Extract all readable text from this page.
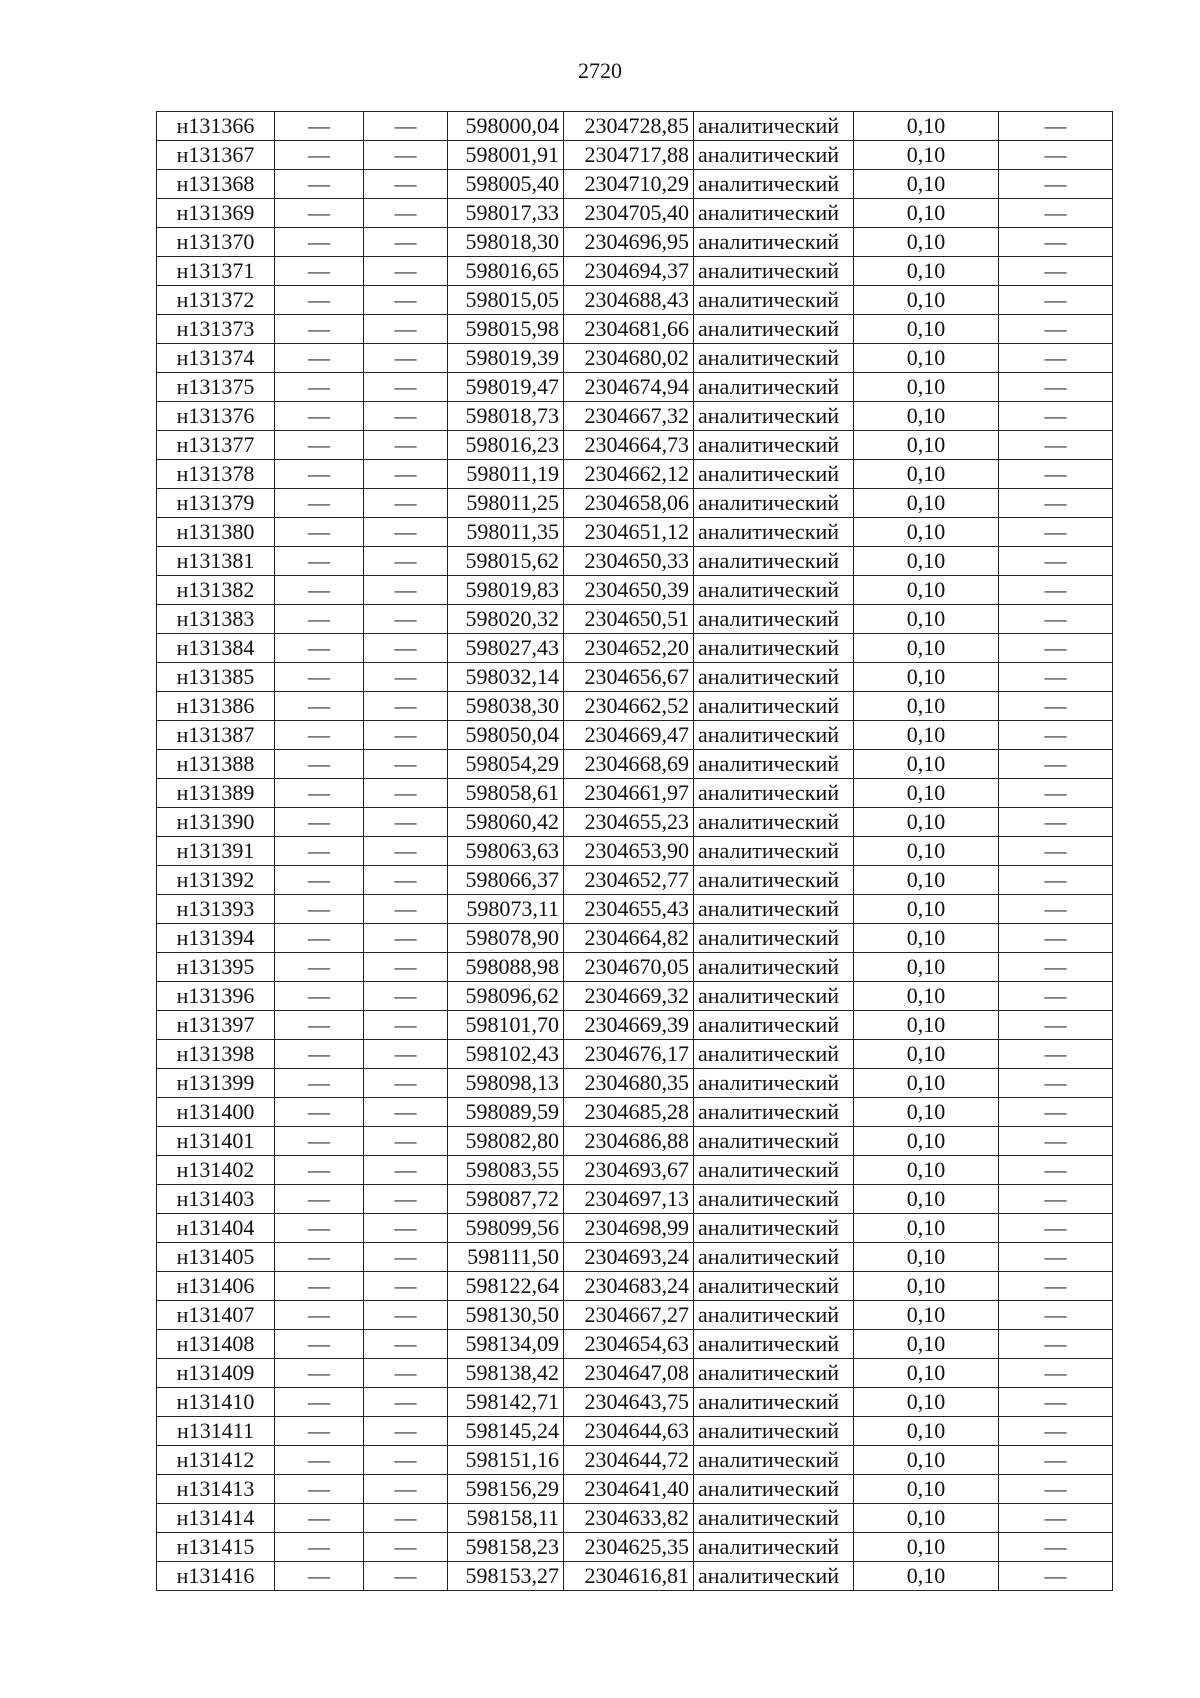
2720
н131366	—	—	598000,04	2304728,85	аналитический	0,10	—
н131367	—	—	598001,91	2304717,88	аналитический	0,10	—
н131368	—	—	598005,40	2304710,29	аналитический	0,10	—
н131369	—	—	598017,33	2304705,40	аналитический	0,10	—
н131370	—	—	598018,30	2304696,95	аналитический	0,10	—
н131371	—	—	598016,65	2304694,37	аналитический	0,10	—
н131372	—	—	598015,05	2304688,43	аналитический	0,10	—
н131373	—	—	598015,98	2304681,66	аналитический	0,10	—
н131374	—	—	598019,39	2304680,02	аналитический	0,10	—
н131375	—	—	598019,47	2304674,94	аналитический	0,10	—
н131376	—	—	598018,73	2304667,32	аналитический	0,10	—
н131377	—	—	598016,23	2304664,73	аналитический	0,10	—
н131378	—	—	598011,19	2304662,12	аналитический	0,10	—
н131379	—	—	598011,25	2304658,06	аналитический	0,10	—
н131380	—	—	598011,35	2304651,12	аналитический	0,10	—
н131381	—	—	598015,62	2304650,33	аналитический	0,10	—
н131382	—	—	598019,83	2304650,39	аналитический	0,10	—
н131383	—	—	598020,32	2304650,51	аналитический	0,10	—
н131384	—	—	598027,43	2304652,20	аналитический	0,10	—
н131385	—	—	598032,14	2304656,67	аналитический	0,10	—
н131386	—	—	598038,30	2304662,52	аналитический	0,10	—
н131387	—	—	598050,04	2304669,47	аналитический	0,10	—
н131388	—	—	598054,29	2304668,69	аналитический	0,10	—
н131389	—	—	598058,61	2304661,97	аналитический	0,10	—
н131390	—	—	598060,42	2304655,23	аналитический	0,10	—
н131391	—	—	598063,63	2304653,90	аналитический	0,10	—
н131392	—	—	598066,37	2304652,77	аналитический	0,10	—
н131393	—	—	598073,11	2304655,43	аналитический	0,10	—
н131394	—	—	598078,90	2304664,82	аналитический	0,10	—
н131395	—	—	598088,98	2304670,05	аналитический	0,10	—
н131396	—	—	598096,62	2304669,32	аналитический	0,10	—
н131397	—	—	598101,70	2304669,39	аналитический	0,10	—
н131398	—	—	598102,43	2304676,17	аналитический	0,10	—
н131399	—	—	598098,13	2304680,35	аналитический	0,10	—
н131400	—	—	598089,59	2304685,28	аналитический	0,10	—
н131401	—	—	598082,80	2304686,88	аналитический	0,10	—
н131402	—	—	598083,55	2304693,67	аналитический	0,10	—
н131403	—	—	598087,72	2304697,13	аналитический	0,10	—
н131404	—	—	598099,56	2304698,99	аналитический	0,10	—
н131405	—	—	598111,50	2304693,24	аналитический	0,10	—
н131406	—	—	598122,64	2304683,24	аналитический	0,10	—
н131407	—	—	598130,50	2304667,27	аналитический	0,10	—
н131408	—	—	598134,09	2304654,63	аналитический	0,10	—
н131409	—	—	598138,42	2304647,08	аналитический	0,10	—
н131410	—	—	598142,71	2304643,75	аналитический	0,10	—
н131411	—	—	598145,24	2304644,63	аналитический	0,10	—
н131412	—	—	598151,16	2304644,72	аналитический	0,10	—
н131413	—	—	598156,29	2304641,40	аналитический	0,10	—
н131414	—	—	598158,11	2304633,82	аналитический	0,10	—
н131415	—	—	598158,23	2304625,35	аналитический	0,10	—
н131416	—	—	598153,27	2304616,81	аналитический	0,10	—
